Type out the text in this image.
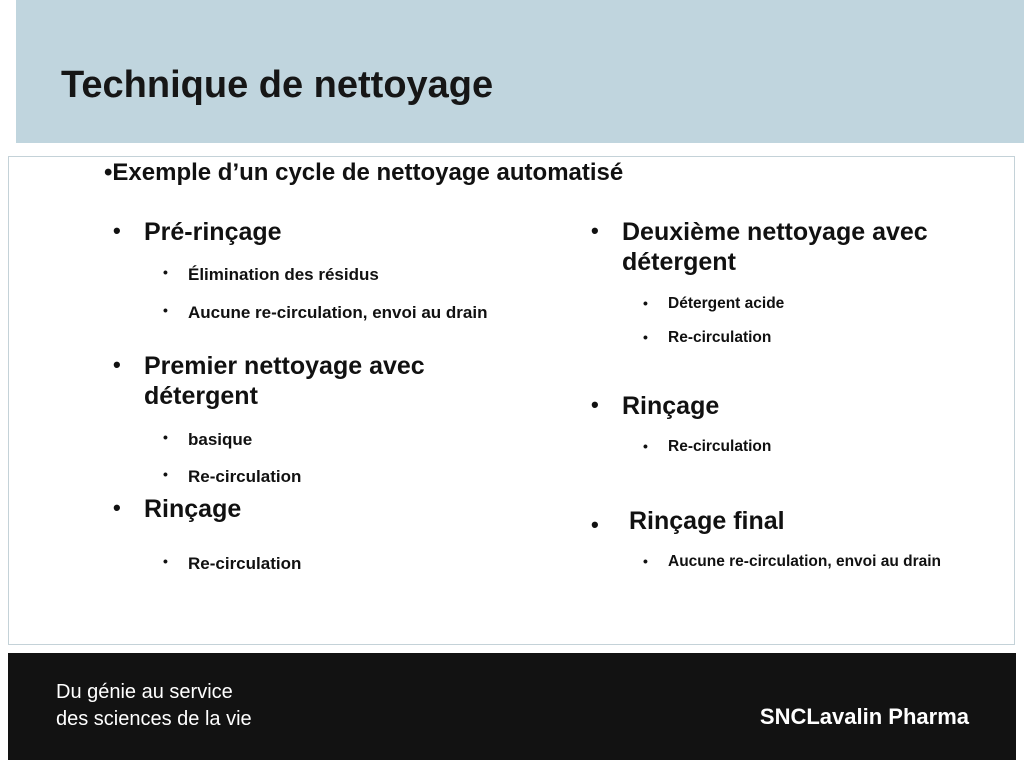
Technique de nettoyage
•Exemple d’un cycle de nettoyage automatisé
• Pré-rinçage
• Élimination des résidus
• Aucune re-circulation, envoi au drain
• Premier nettoyage avec détergent
• basique
• Re-circulation
• Rinçage
• Re-circulation
• Deuxième nettoyage avec détergent
• Détergent acide
• Re-circulation
• Rinçage
• Re-circulation
• Rinçage final
• Aucune re-circulation, envoi au drain
Du génie au service
des sciences de la vie	SNCLavalin Pharma
